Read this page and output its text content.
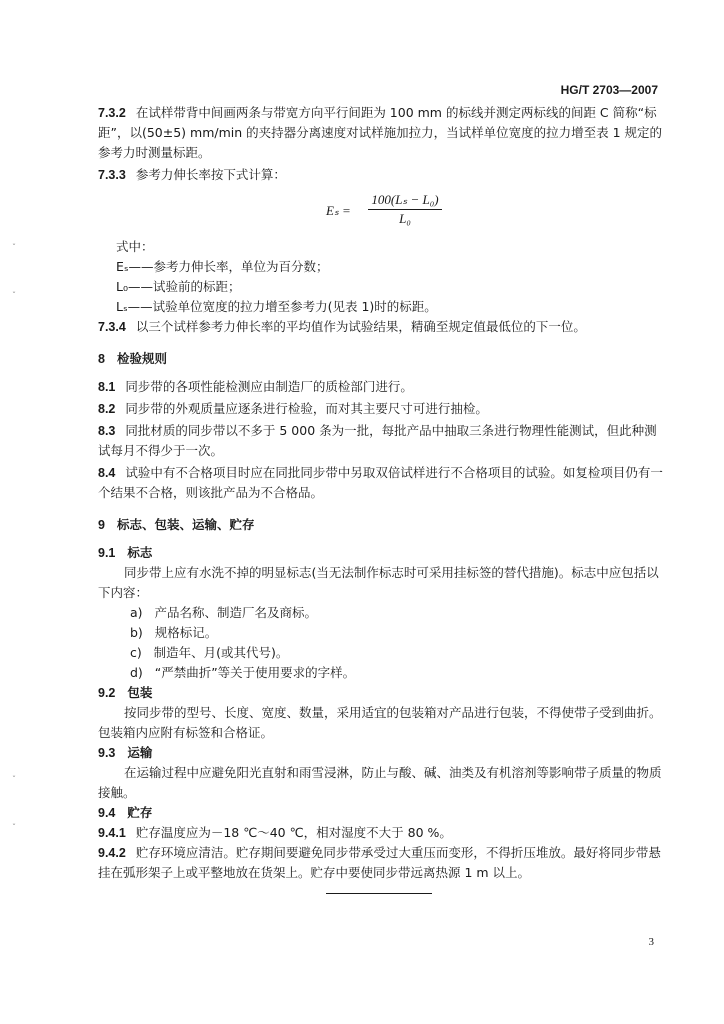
HG/T 2703—2007

7.3.2 在试样带背中间画两条与带宽方向平行间距为 100 mm 的标线并测定两标线的间距 C 简称“标距”，以(50±5) mm/min 的夹持器分离速度对试样施加拉力，当试样单位宽度的拉力增至表 1 规定的参考力时测量标距。

7.3.3 参考力伸长率按下式计算：

Eₛ =
100(Lₛ − L₀)
L₀

式中：

Eₛ——参考力伸长率，单位为百分数；

L₀——试验前的标距；

Lₛ——试验单位宽度的拉力增至参考力(见表 1)时的标距。

7.3.4 以三个试样参考力伸长率的平均值作为试验结果，精确至规定值最低位的下一位。

8 检验规则

8.1 同步带的各项性能检测应由制造厂的质检部门进行。

8.2 同步带的外观质量应逐条进行检验，而对其主要尺寸可进行抽检。

8.3 同批材质的同步带以不多于 5 000 条为一批，每批产品中抽取三条进行物理性能测试，但此种测试每月不得少于一次。

8.4 试验中有不合格项目时应在同批同步带中另取双倍试样进行不合格项目的试验。如复检项目仍有一个结果不合格，则该批产品为不合格品。

9 标志、包装、运输、贮存

9.1 标志

同步带上应有水洗不掉的明显标志(当无法制作标志时可采用挂标签的替代措施)。标志中应包括以下内容：

a) 产品名称、制造厂名及商标。

b) 规格标记。

c) 制造年、月(或其代号)。

d) “严禁曲折”等关于使用要求的字样。

9.2 包装

按同步带的型号、长度、宽度、数量，采用适宜的包装箱对产品进行包装，不得使带子受到曲折。包装箱内应附有标签和合格证。

9.3 运输

在运输过程中应避免阳光直射和雨雪浸淋，防止与酸、碱、油类及有机溶剂等影响带子质量的物质接触。

9.4 贮存

9.4.1 贮存温度应为－18 ℃～40 ℃，相对湿度不大于 80 %。

9.4.2 贮存环境应清洁。贮存期间要避免同步带承受过大重压而变形，不得折压堆放。最好将同步带悬挂在弧形架子上或平整地放在货架上。贮存中要使同步带远离热源 1 m 以上。

3
ˇ
ˇ
ˇ
ˇ
